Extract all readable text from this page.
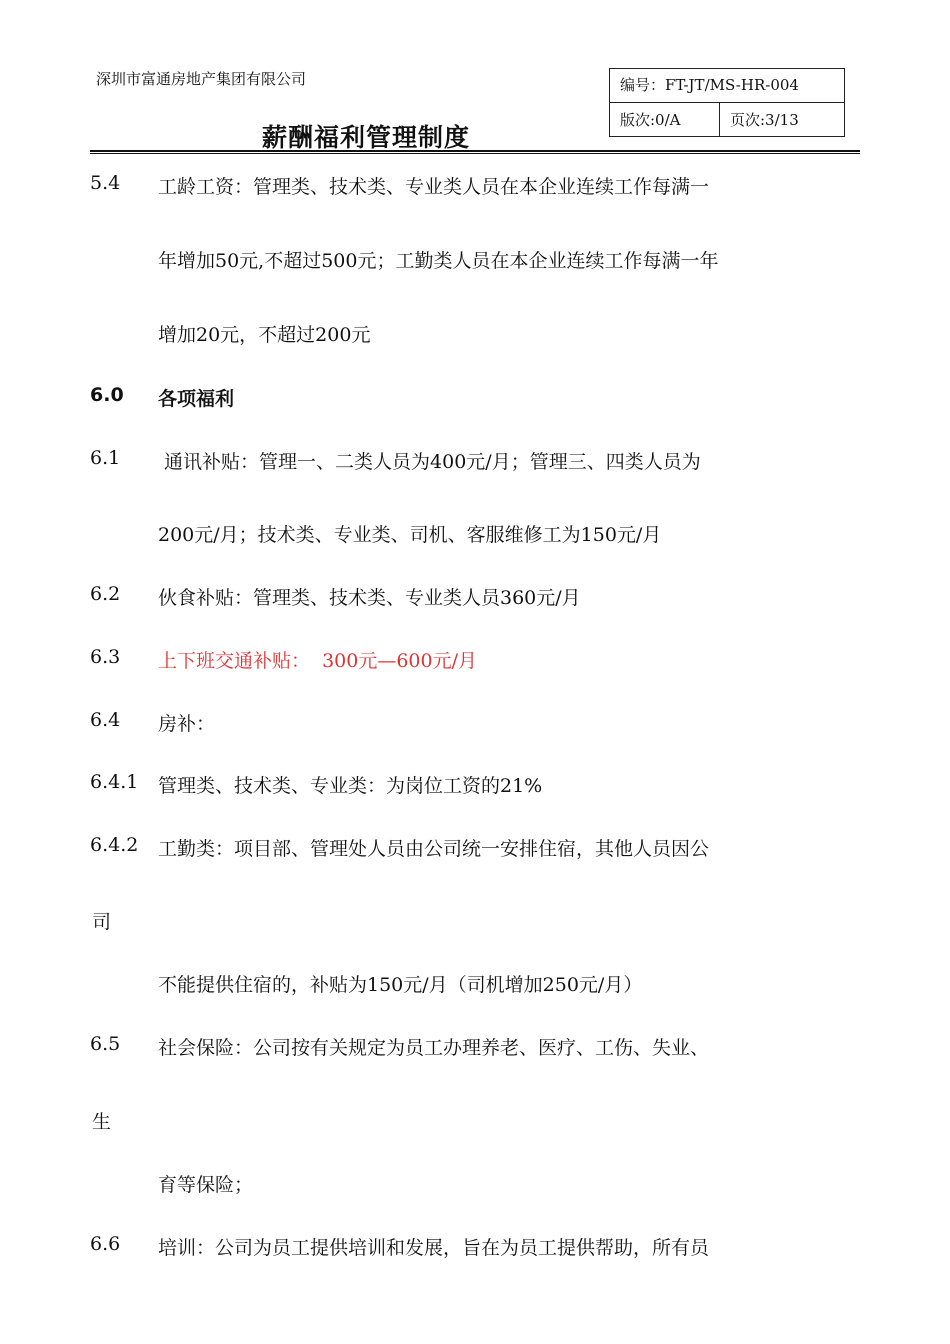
深圳市富通房地产集团有限公司
薪酬福利管理制度
编号：FT-JT/MS-HR-004
版次:0/A	页次:3/13
5.4 工龄工资：管理类、技术类、专业类人员在本企业连续工作每满一
年增加50元,不超过500元；工勤类人员在本企业连续工作每满一年
增加20元，不超过200元
6.0 各项福利
6.1 通讯补贴：管理一、二类人员为400元/月；管理三、四类人员为
200元/月；技术类、专业类、司机、客服维修工为150元/月
6.2 伙食补贴：管理类、技术类、专业类人员360元/月
6.3 上下班交通补贴：  300元—600元/月
6.4 房补：
6.4.1 管理类、技术类、专业类：为岗位工资的21%
6.4.2 工勤类：项目部、管理处人员由公司统一安排住宿，其他人员因公
司
不能提供住宿的，补贴为150元/月（司机增加250元/月）
6.5 社会保险：公司按有关规定为员工办理养老、医疗、工伤、失业、
生
育等保险；
6.6 培训：公司为员工提供培训和发展，旨在为员工提供帮助，所有员
